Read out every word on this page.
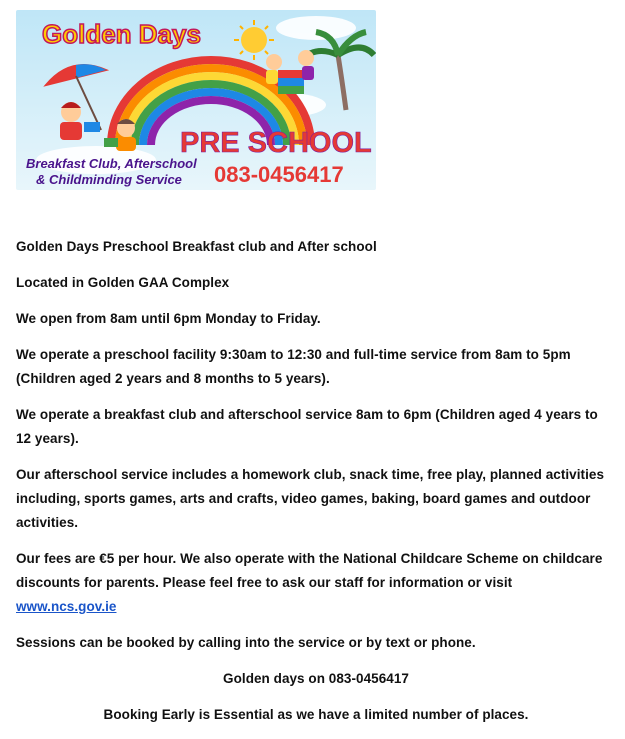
Golden Days
PRE SCHOOL
Breakfast Club, Afterschool
& Childminding Service 083-0456417

Golden Days Preschool Breakfast club and After school

Located in Golden GAA Complex

We open from 8am until 6pm Monday to Friday.

We operate a preschool facility 9:30am to 12:30 and full-time service from 8am to 5pm (Children aged 2 years and 8 months to 5 years).

We operate a breakfast club and afterschool service 8am to 6pm (Children aged 4 years to 12 years).

Our afterschool service includes a homework club, snack time, free play, planned activities including, sports games, arts and crafts, video games, baking, board games and outdoor activities.

Our fees are €5 per hour. We also operate with the National Childcare Scheme on childcare discounts for parents. Please feel free to ask our staff for information or visit www.ncs.gov.ie

Sessions can be booked by calling into the service or by text or phone.

Golden days on 083-0456417

Booking Early is Essential as we have a limited number of places.
